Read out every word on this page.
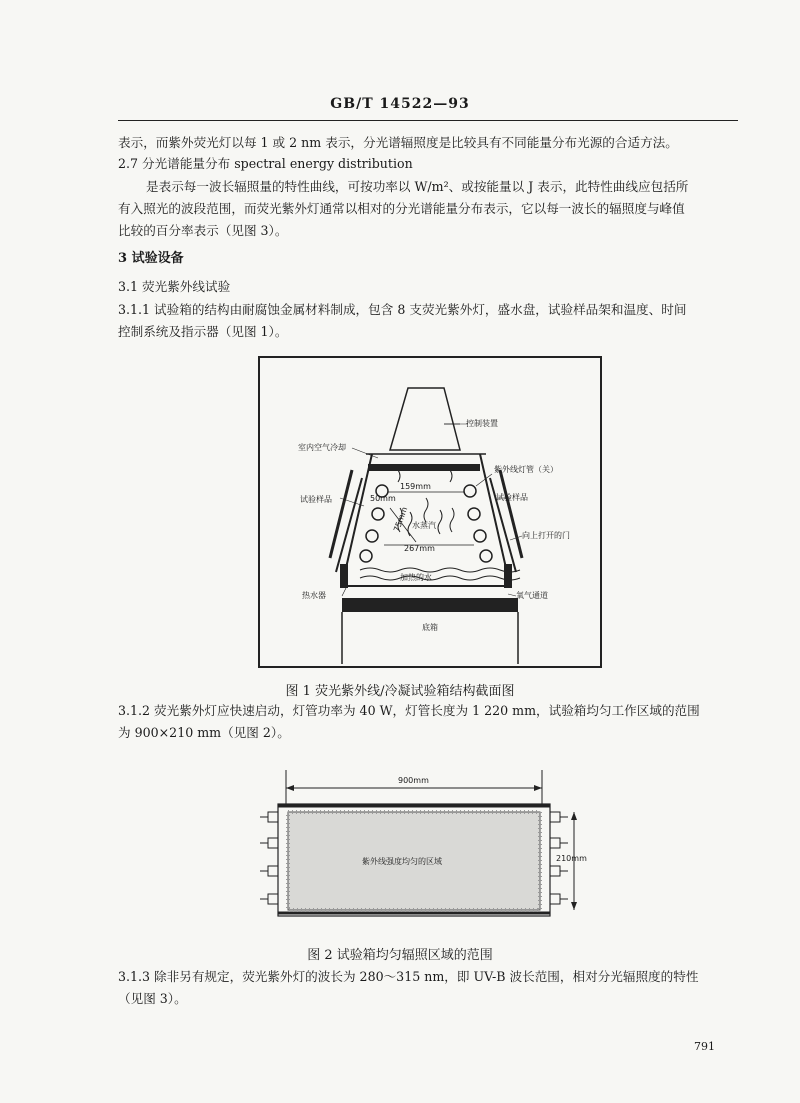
GB/T 14522—93
表示，而紫外荧光灯以每 1 或 2 nm 表示，分光谱辐照度是比较具有不同能量分布光源的合适方法。
2.7 分光谱能量分布 spectral energy distribution
是表示每一波长辐照量的特性曲线，可按功率以 W/m²、或按能量以 J 表示，此特性曲线应包括所
有入照光的波段范围，而荧光紫外灯通常以相对的分光谱能量分布表示，它以每一波长的辐照度与峰值
比较的百分率表示（见图 3）。
3 试验设备
3.1 荧光紫外线试验
3.1.1 试验箱的结构由耐腐蚀金属材料制成，包含 8 支荧光紫外灯，盛水盘，试验样品架和温度、时间
控制系统及指示器（见图 1）。
控制装置
室内空气冷却
紫外线灯管（关）
159mm
试验样品	试验样品
50mm
75mm 水蒸汽
向上打开的门
267mm
加热的水
热水器	氧气通道
底箱
图 1 荧光紫外线/冷凝试验箱结构截面图
3.1.2 荧光紫外灯应快速启动，灯管功率为 40 W，灯管长度为 1 220 mm，试验箱均匀工作区域的范围
为 900×210 mm（见图 2）。
900mm
210mm
紫外线强度均匀的区域
图 2 试验箱均匀辐照区域的范围
3.1.3 除非另有规定，荧光紫外灯的波长为 280～315 nm，即 UV-B 波长范围，相对分光辐照度的特性
（见图 3）。
791
